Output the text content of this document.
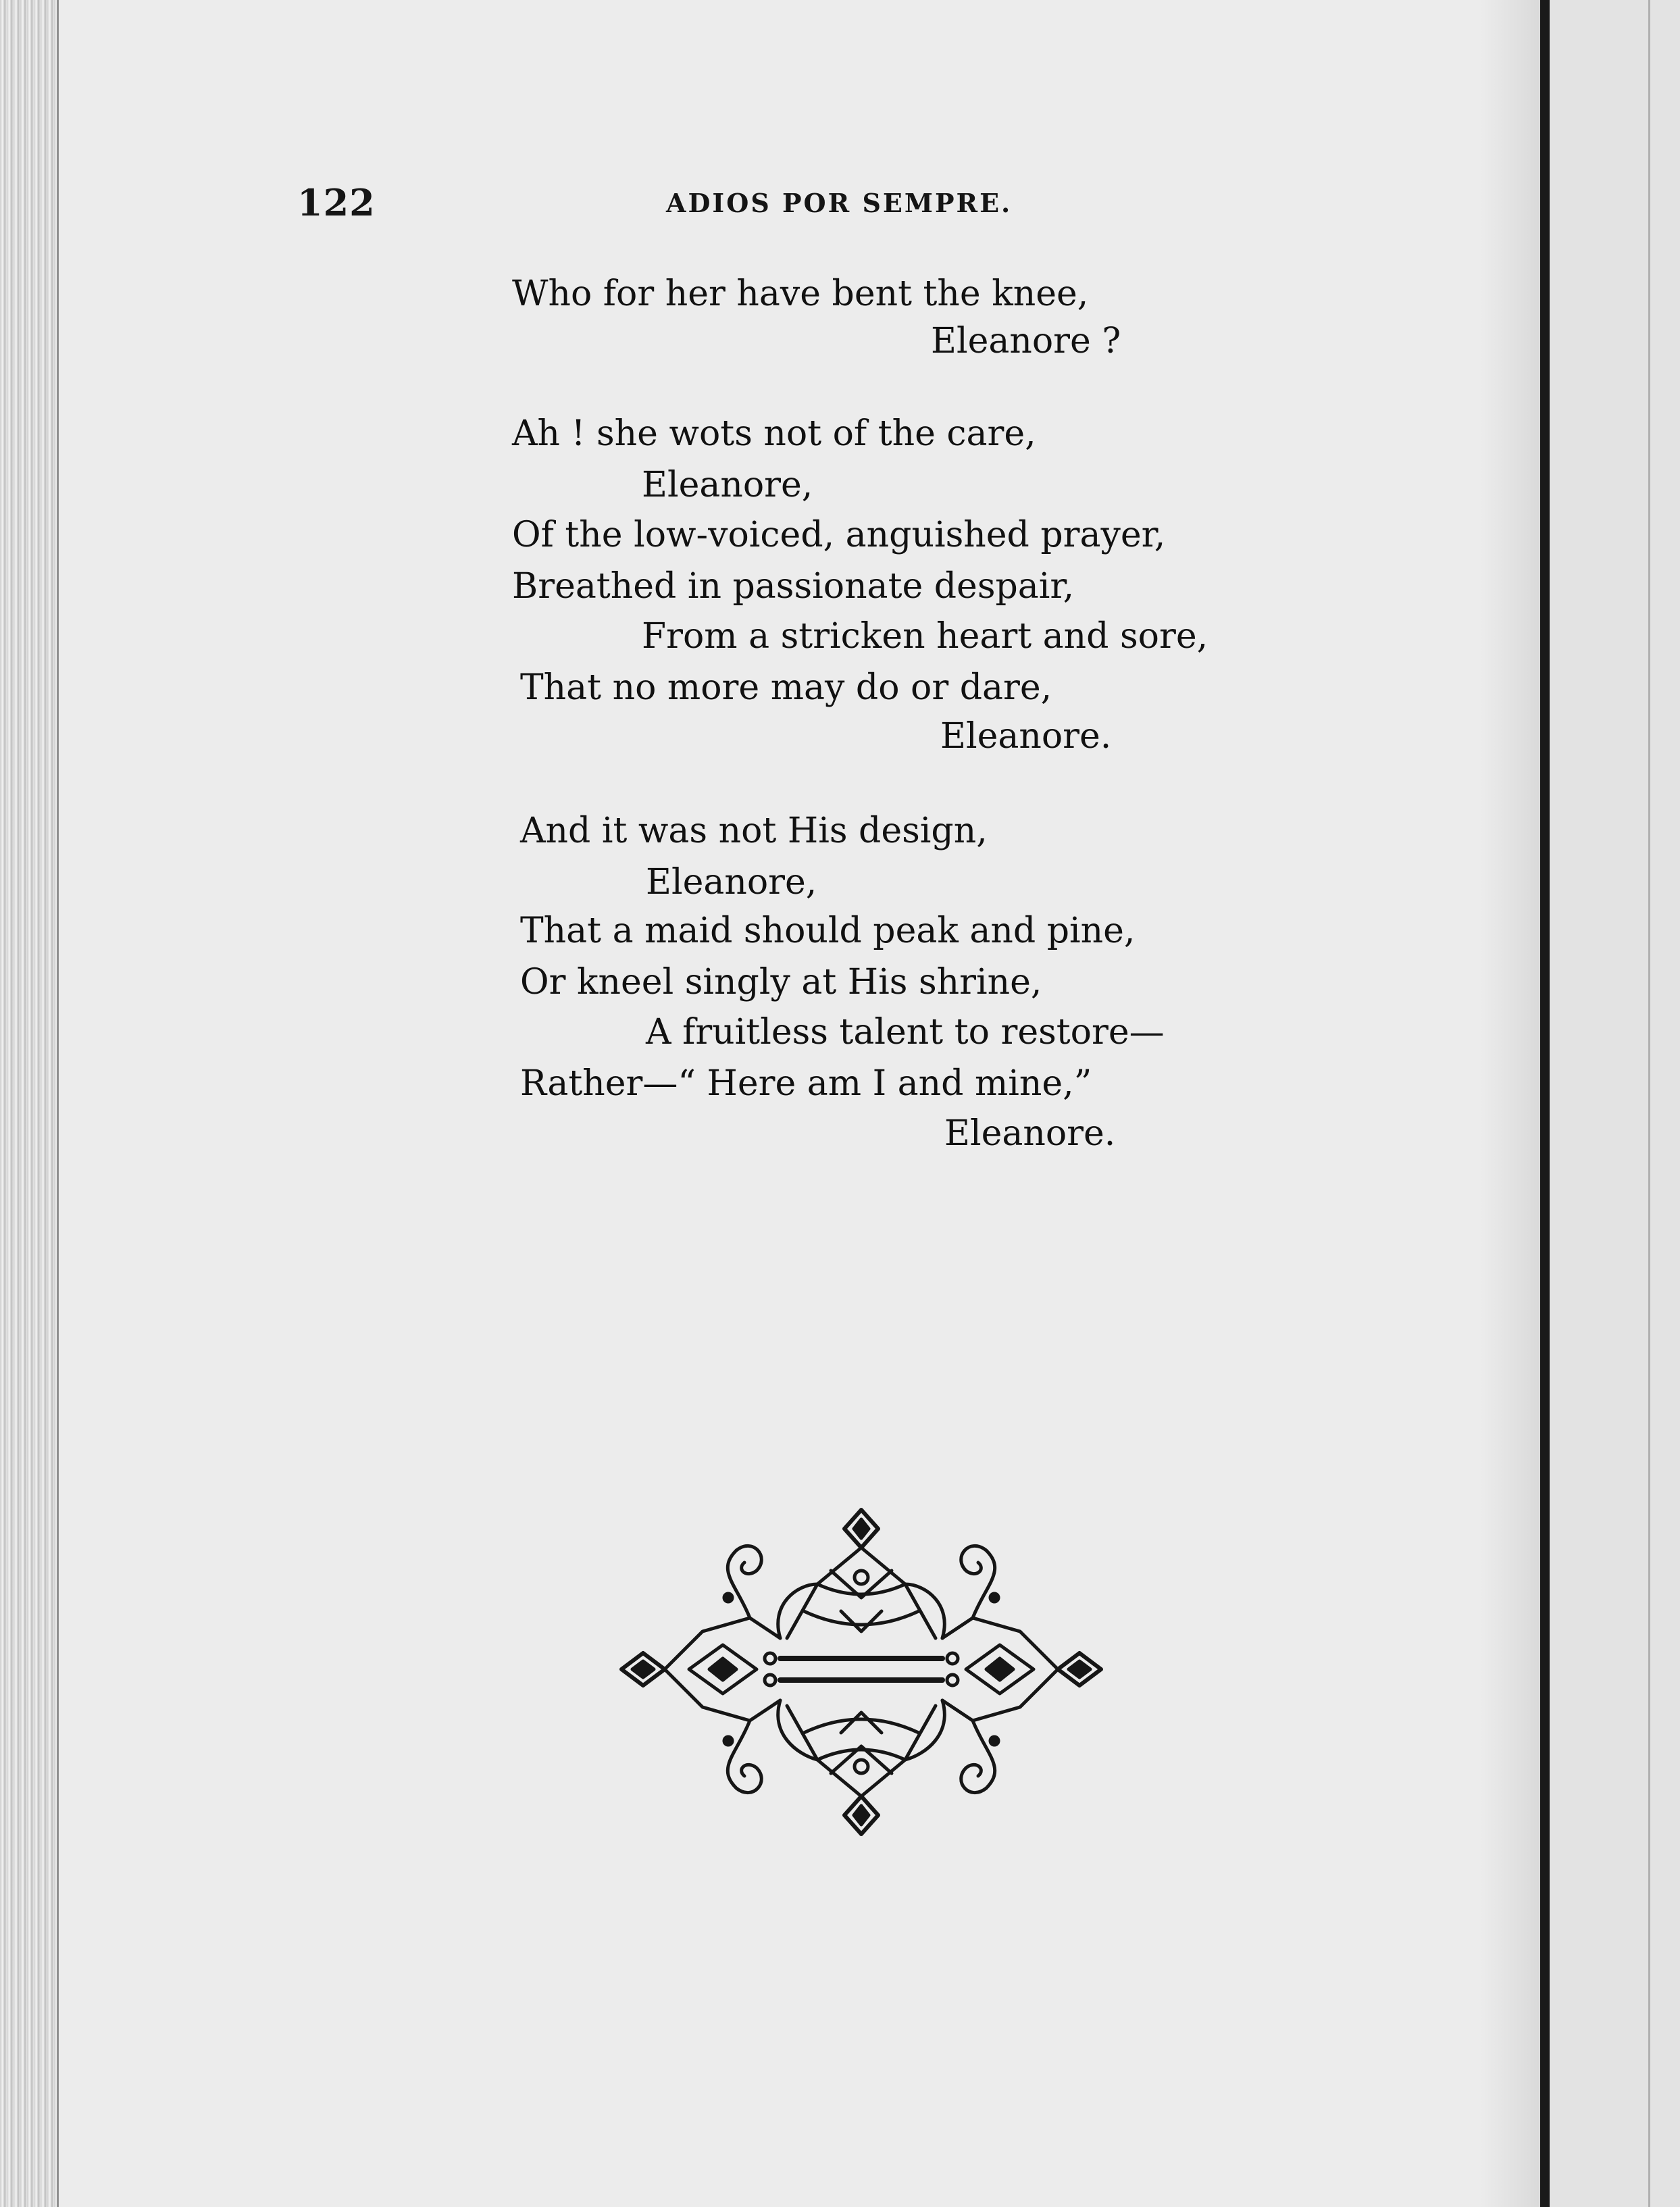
122	ADIOS POR SEMPRE.
Who for her have bent the knee,
Eleanore ?
Ah ! she wots not of the care,
Eleanore,
Of the low-voiced, anguished prayer,
Breathed in passionate despair,
From a stricken heart and sore,
That no more may do or dare,
Eleanore.
And it was not His design,
Eleanore,
That a maid should peak and pine,
Or kneel singly at His shrine,
A fruitless talent to restore—
Rather—“ Here am I and mine,”
Eleanore.
